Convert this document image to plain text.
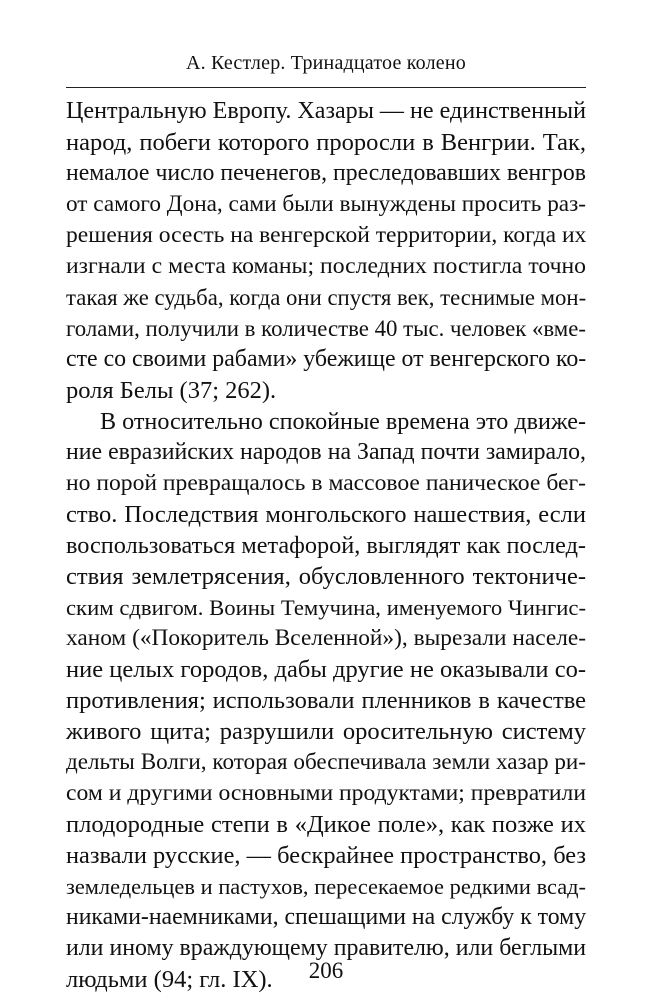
А. Кестлер. Тринадцатое колено
Центральную Европу. Хазары — не единственный
народ, побеги которого проросли в Венгрии. Так,
немалое число печенегов, преследовавших венгров
от самого Дона, сами были вынуждены просить раз-
решения осесть на венгерской территории, когда их
изгнали с места команы; последних постигла точно
такая же судьба, когда они спустя век, теснимые мон-
голами, получили в количестве 40 тыс. человек «вме-
сте со своими рабами» убежище от венгерского ко-
роля Белы (37; 262).
В относительно спокойные времена это движе-
ние евразийских народов на Запад почти замирало,
но порой превращалось в массовое паническое бег-
ство. Последствия монгольского нашествия, если
воспользоваться метафорой, выглядят как послед-
ствия землетрясения, обусловленного тектониче-
ским сдвигом. Воины Темучина, именуемого Чингис-
ханом («Покоритель Вселенной»), вырезали населе-
ние целых городов, дабы другие не оказывали со-
противления; использовали пленников в качестве
живого щита; разрушили оросительную систему
дельты Волги, которая обеспечивала земли хазар ри-
сом и другими основными продуктами; превратили
плодородные степи в «Дикое поле», как позже их
назвали русские, — бескрайнее пространство, без
земледельцев и пастухов, пересекаемое редкими всад-
никами-наемниками, спешащими на службу к тому
или иному враждующему правителю, или беглыми
людьми (94; гл. IX).	206
